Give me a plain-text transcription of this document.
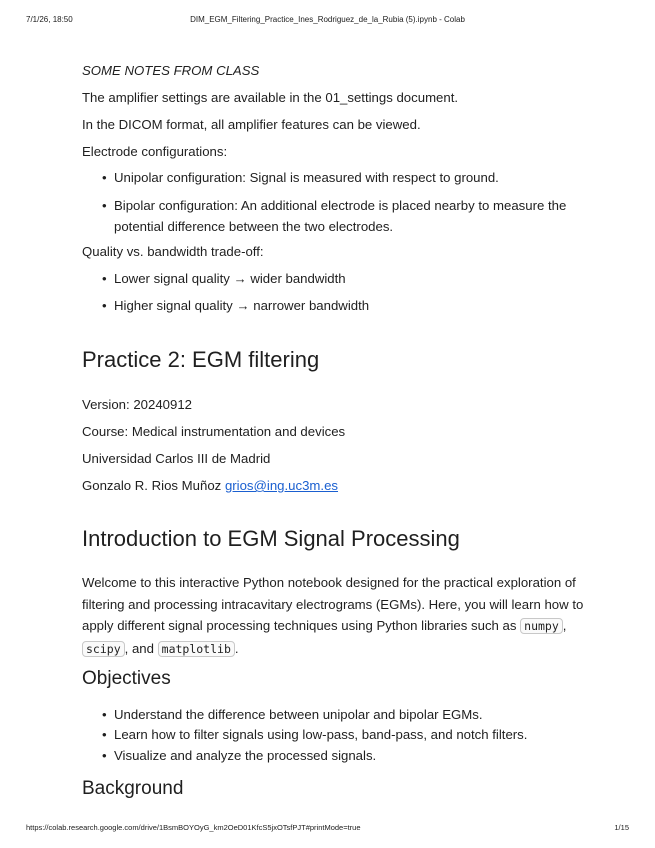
7/1/26, 18:50	DIM_EGM_Filtering_Practice_Ines_Rodriguez_de_la_Rubia (5).ipynb - Colab
SOME NOTES FROM CLASS
The amplifier settings are available in the 01_settings document.
In the DICOM format, all amplifier features can be viewed.
Electrode configurations:
• Unipolar configuration: Signal is measured with respect to ground.
• Bipolar configuration: An additional electrode is placed nearby to measure the
potential difference between the two electrodes.
Quality vs. bandwidth trade-off:
• Lower signal quality → wider bandwidth
• Higher signal quality → narrower bandwidth
Practice 2: EGM filtering
Version: 20240912
Course: Medical instrumentation and devices
Universidad Carlos III de Madrid
Gonzalo R. Rios Muñoz grios@ing.uc3m.es
Introduction to EGM Signal Processing
Welcome to this interactive Python notebook designed for the practical exploration of
filtering and processing intracavitary electrograms (EGMs). Here, you will learn how to
apply different signal processing techniques using Python libraries such as numpy ,
scipy , and matplotlib .
Objectives
• Understand the difference between unipolar and bipolar EGMs.
• Learn how to filter signals using low-pass, band-pass, and notch filters.
• Visualize and analyze the processed signals.
Background
https://colab.research.google.com/drive/1BsmBOYOyG_km2OeD01KfcS5jxOTsfPJT#printMode=true	1/15
